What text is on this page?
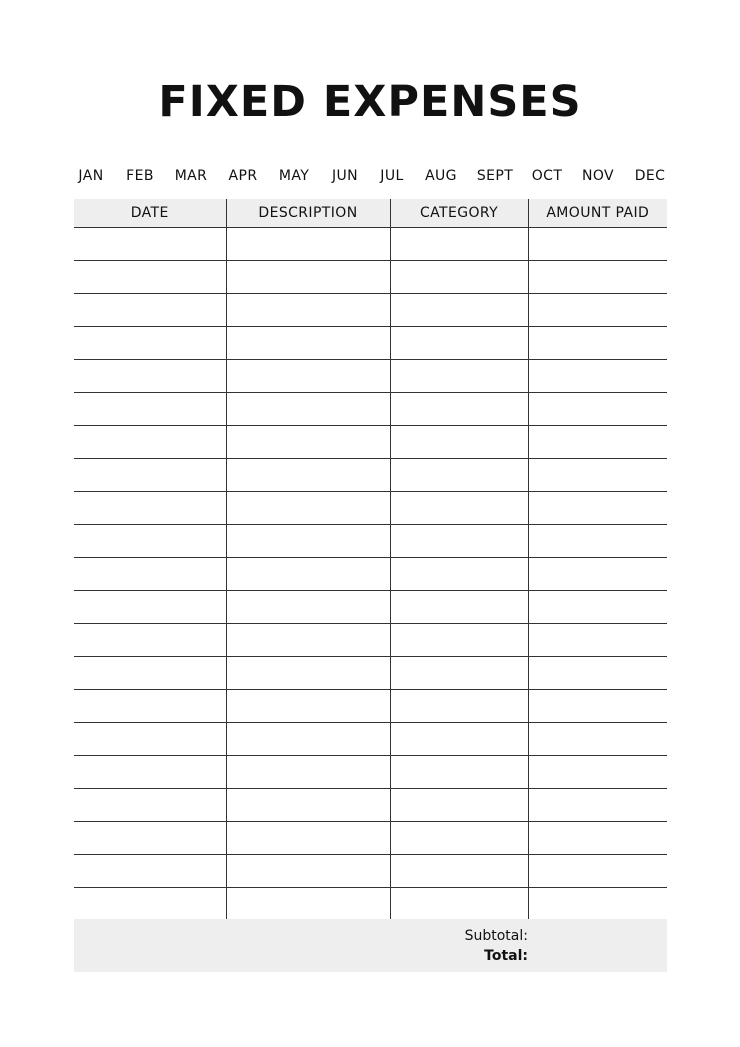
FIXED EXPENSES
JAN FEB MAR APR MAY JUN JUL AUG SEPT OCT NOV DEC
DATE	DESCRIPTION	CATEGORY	AMOUNT PAID

Subtotal:
Total:
